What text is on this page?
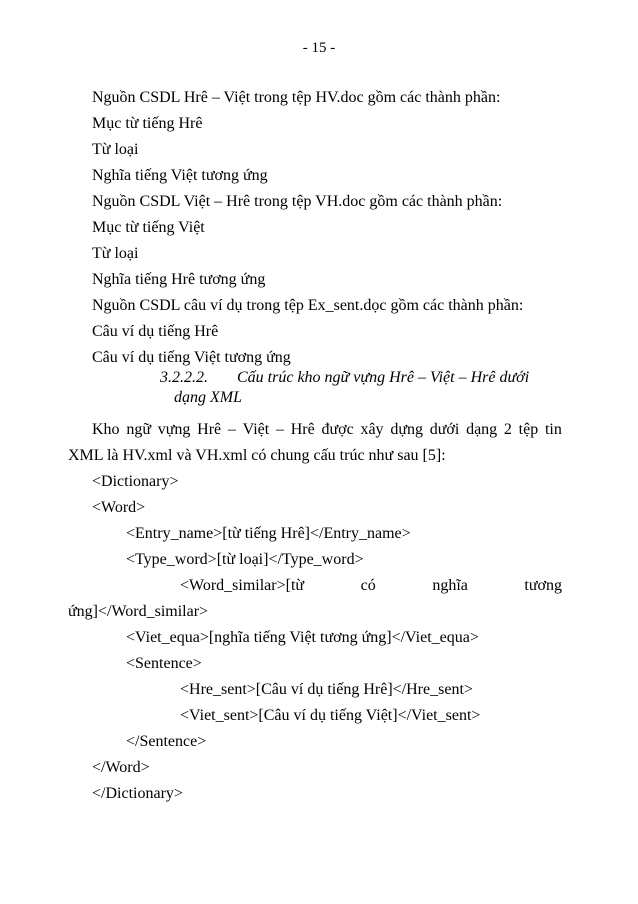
- 15 -
Nguồn CSDL Hrê – Việt trong tệp HV.doc gồm các thành phần:
Mục từ tiếng Hrê
Từ loại
Nghĩa tiếng Việt tương ứng
Nguồn CSDL Việt – Hrê trong tệp VH.doc gồm các thành phần:
Mục từ tiếng Việt
Từ loại
Nghĩa tiếng Hrê tương ứng
Nguồn CSDL câu ví dụ trong tệp Ex_sent.dọc gồm các thành phần:
Câu ví dụ tiếng Hrê
Câu ví dụ tiếng Việt tương ứng
3.2.2.2. Cấu trúc kho ngữ vựng Hrê – Việt – Hrê dưới
dạng XML
Kho ngữ vựng Hrê – Việt – Hrê được xây dựng dưới dạng 2 tệp tin
XML là HV.xml và VH.xml có chung cấu trúc như sau [5]:
<Dictionary>
<Word>
<Entry_name>[từ tiếng Hrê]</Entry_name>
<Type_word>[từ loại]</Type_word>
<Word_similar>[từ	có	nghĩa	tương
ứng]</Word_similar>
<Viet_equa>[nghĩa tiếng Việt tương ứng]</Viet_equa>
<Sentence>
<Hre_sent>[Câu ví dụ tiếng Hrê]</Hre_sent>
<Viet_sent>[Câu ví dụ tiếng Việt]</Viet_sent>
</Sentence>
</Word>
</Dictionary>
